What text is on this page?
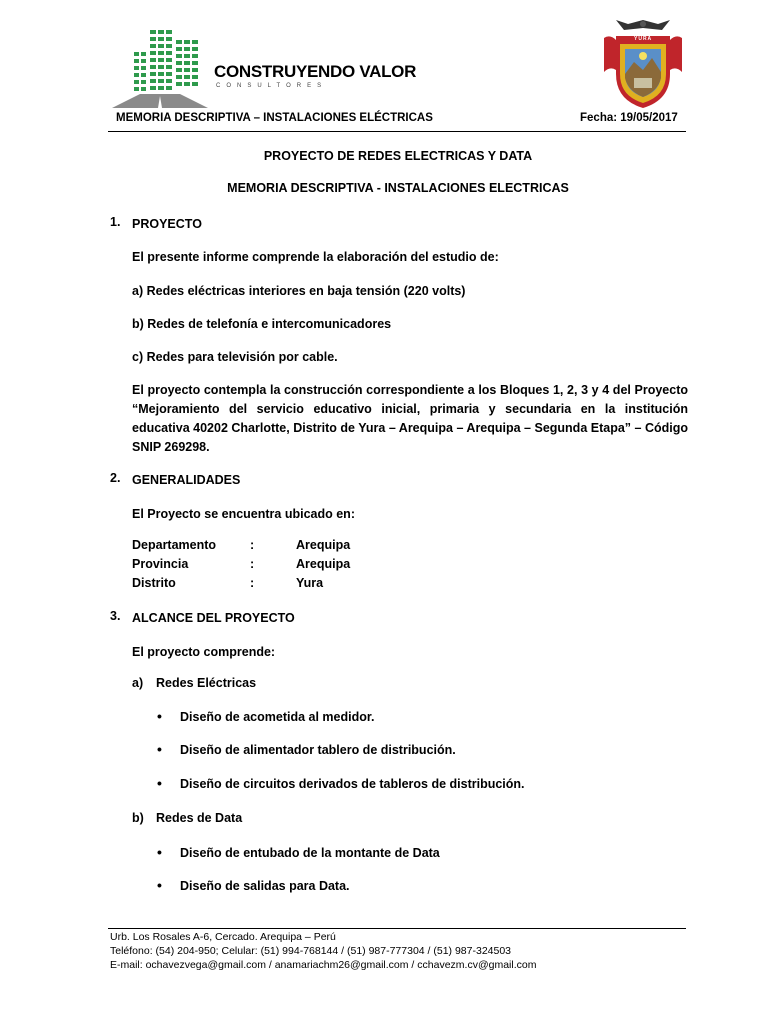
CONSTRUYENDO VALOR
CONSULTORES
YURA
MEMORIA DESCRIPTIVA – INSTALACIONES ELÉCTRICAS	Fecha: 19/05/2017
PROYECTO DE REDES ELECTRICAS Y DATA
MEMORIA DESCRIPTIVA - INSTALACIONES ELECTRICAS
1. PROYECTO
El presente informe comprende la elaboración del estudio de:
a) Redes eléctricas interiores en baja tensión (220 volts)
b) Redes de telefonía e intercomunicadores
c) Redes para televisión por cable.
El proyecto contempla la construcción correspondiente a los Bloques 1, 2, 3 y 4 del Proyecto “Mejoramiento del servicio educativo inicial, primaria y secundaria en la institución educativa 40202 Charlotte, Distrito de Yura – Arequipa – Arequipa – Segunda Etapa” – Código SNIP 269298.
2. GENERALIDADES
El Proyecto se encuentra ubicado en:
Departamento	:	Arequipa
Provincia	:	Arequipa
Distrito	:	Yura
3. ALCANCE DEL PROYECTO
El proyecto comprende:
a) Redes Eléctricas
• Diseño de acometida al medidor.
• Diseño de alimentador tablero de distribución.
• Diseño de circuitos derivados de tableros de distribución.
b) Redes de Data
• Diseño de entubado de la montante de Data
• Diseño de salidas para Data.
Urb. Los Rosales A-6, Cercado. Arequipa – Perú
Teléfono: (54) 204-950; Celular: (51) 994-768144 / (51) 987-777304 / (51) 987-324503
E-mail: ochavezvega@gmail.com / anamariachm26@gmail.com / cchavezm.cv@gmail.com
